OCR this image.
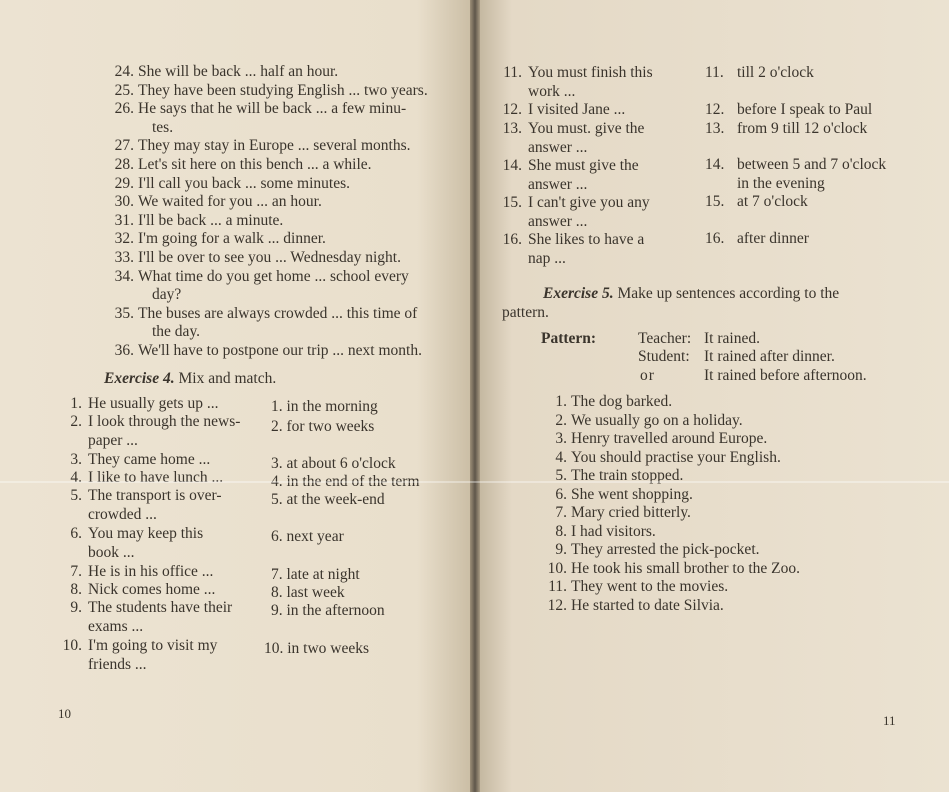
24. She will be back ... half an hour.
25. They have been studying English ... two years.
26. He says that he will be back ... a few minu-
tes.
27. They may stay in Europe ... several months.
28. Let's sit here on this bench ... a while.
29. I'll call you back ... some minutes.
30. We waited for you ... an hour.
31. I'll be back ... a minute.
32. I'm going for a walk ... dinner.
33. I'll be over to see you ... Wednesday night.
34. What time do you get home ... school every
day?
35. The buses are always crowded ... this time of
the day.
36. We'll have to postpone our trip ... next month.
Exercise 4. Mix and match.
1. He usually gets up ...
2. I look through the news-
paper ...
3. They came home ...
4. I like to have lunch ...
5. The transport is over-
crowded ...
6. You may keep this
book ...
7. He is in his office ...
8. Nick comes home ...
9. The students have their
exams ...
10. I'm going to visit my
friends ...
1. in the morning
2. for two weeks
3. at about 6 o'clock
4. in the end of the term
5. at the week-end
6. next year
7. late at night
8. last week
9. in the afternoon
10. in two weeks
10
11. You must finish this
work ...
12. I visited Jane ...
13. You must. give the
answer ...
14. She must give the
answer ...
15. I can't give you any
answer ...
16. She likes to have a
nap ...
11. till 2 o'clock
12. before I speak to Paul
13. from 9 till 12 o'clock
14. between 5 and 7 o'clock
in the evening
15. at 7 o'clock
16. after dinner
Exercise 5. Make up sentences according to the
pattern.
Pattern:	Teacher: It rained.
Student: It rained after dinner.
or	It rained before afternoon.
1. The dog barked.
2. We usually go on a holiday.
3. Henry travelled around Europe.
4. You should practise your English.
5. The train stopped.
6. She went shopping.
7. Mary cried bitterly.
8. I had visitors.
9. They arrested the pick-pocket.
10. He took his small brother to the Zoo.
11. They went to the movies.
12. He started to date Silvia.
11
